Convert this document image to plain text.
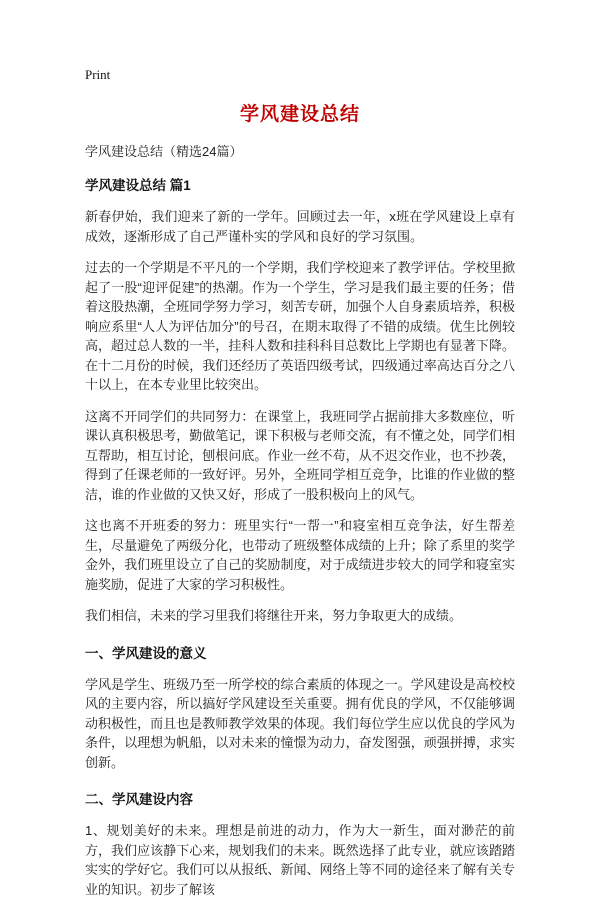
Print
学风建设总结
学风建设总结（精选24篇）
学风建设总结 篇1

新春伊始，我们迎来了新的一学年。回顾过去一年，x班在学风建设上卓有成效，逐渐形成了自己严谨朴实的学风和良好的学习氛围。

过去的一个学期是不平凡的一个学期，我们学校迎来了教学评估。学校里掀起了一股“迎评促建”的热潮。作为一个学生，学习是我们最主要的任务；借着这股热潮，全班同学努力学习，刻苦专研，加强个人自身素质培养，积极响应系里“人人为评估加分”的号召，在期末取得了不错的成绩。优生比例较高，超过总人数的一半，挂科人数和挂科科目总数比上学期也有显著下降。在十二月份的时候，我们还经历了英语四级考试，四级通过率高达百分之八十以上，在本专业里比较突出。

这离不开同学们的共同努力：在课堂上，我班同学占据前排大多数座位，听课认真积极思考，勤做笔记，课下积极与老师交流，有不懂之处，同学们相互帮助，相互讨论，刨根问底。作业一丝不苟，从不迟交作业，也不抄袭，得到了任课老师的一致好评。另外，全班同学相互竞争，比谁的作业做的整洁，谁的作业做的又快又好，形成了一股积极向上的风气。

这也离不开班委的努力：班里实行“一帮一”和寝室相互竞争法，好生帮差生，尽量避免了两级分化，也带动了班级整体成绩的上升；除了系里的奖学金外，我们班里设立了自己的奖励制度，对于成绩进步较大的同学和寝室实施奖励，促进了大家的学习积极性。

我们相信，未来的学习里我们将继往开来，努力争取更大的成绩。

一、学风建设的意义

学风是学生、班级乃至一所学校的综合素质的体现之一。学风建设是高校校风的主要内容，所以搞好学风建设至关重要。拥有优良的学风，不仅能够调动积极性，而且也是教师教学效果的体现。我们每位学生应以优良的学风为条件，以理想为帆船，以对未来的憧憬为动力，奋发图强，顽强拼搏，求实创新。

二、学风建设内容

1、规划美好的未来。理想是前进的动力，作为大一新生，面对渺茫的前方，我们应该静下心来，规划我们的未来。既然选择了此专业，就应该踏踏实实的学好它。我们可以从报纸、新闻、网络上等不同的途径来了解有关专业的知识。初步了解该
